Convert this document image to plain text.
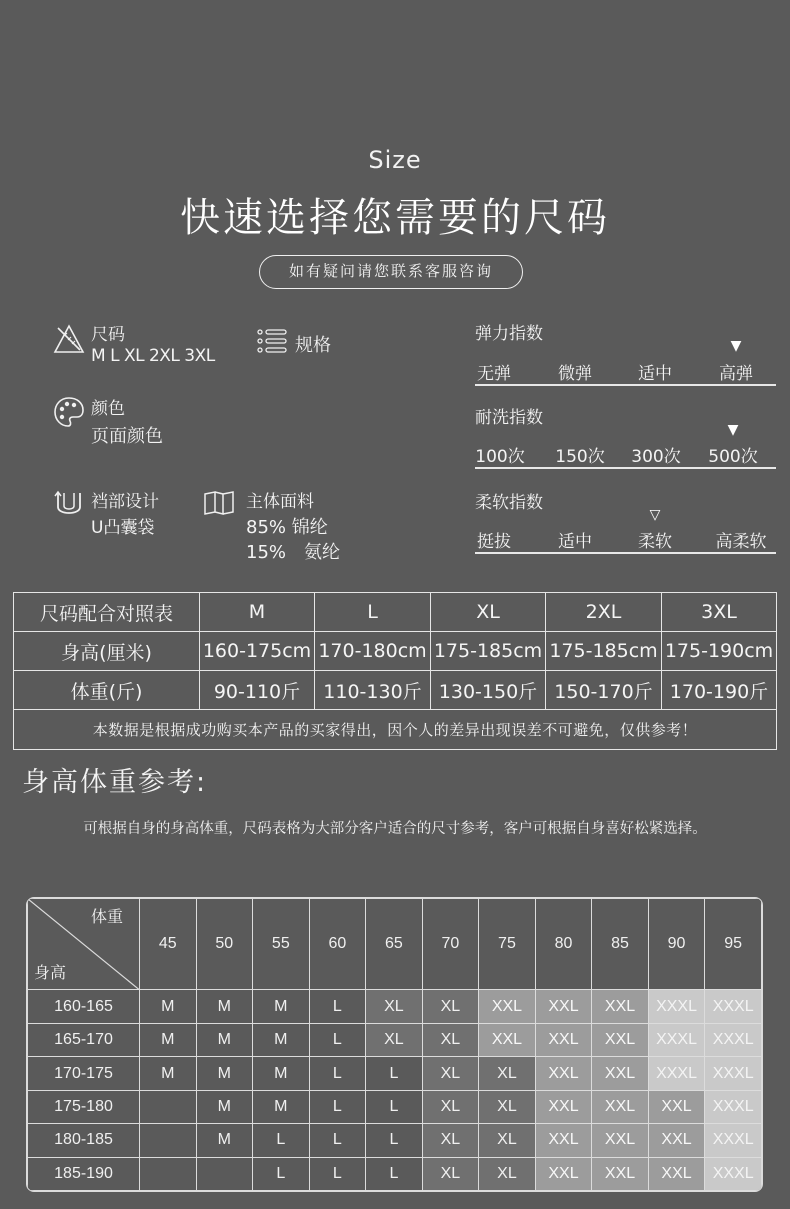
Size
快速选择您需要的尺码
如有疑问请您联系客服咨询
尺码
M L XL 2XL 3XL	规格
颜色
页面颜色
裆部设计
U凸囊袋
主体面料
85% 锦纶
15%　氨纶
弹力指数
▼
无弹	微弹	适中	高弹
耐洗指数
▼
100次	150次	300次	500次
柔软指数
▽
挺拔	适中	柔软	高柔软
尺码配合对照表	M	L	XL	2XL	3XL
身高(厘米)	160-175cm	170-180cm	175-185cm	175-185cm	175-190cm
体重(斤)	90-110斤	110-130斤	130-150斤	150-170斤	170-190斤
本数据是根据成功购买本产品的买家得出，因个人的差异出现误差不可避免，仅供参考！					
身高体重参考:
可根据自身的身高体重，尺码表格为大部分客户适合的尺寸参考，客户可根据自身喜好松紧选择。
体重
身高	45	50	55	60	65	70	75	80	85	90	95
160-165	M	M	M	L	XL	XL	XXL	XXL	XXL	XXXL	XXXL
165-170	M	M	M	L	XL	XL	XXL	XXL	XXL	XXXL	XXXL
170-175	M	M	M	L	L	XL	XL	XXL	XXL	XXXL	XXXL
175-180		M	M	L	L	XL	XL	XXL	XXL	XXL	XXXL
180-185		M	L	L	L	XL	XL	XXL	XXL	XXL	XXXL
185-190			L	L	L	XL	XL	XXL	XXL	XXL	XXXL
